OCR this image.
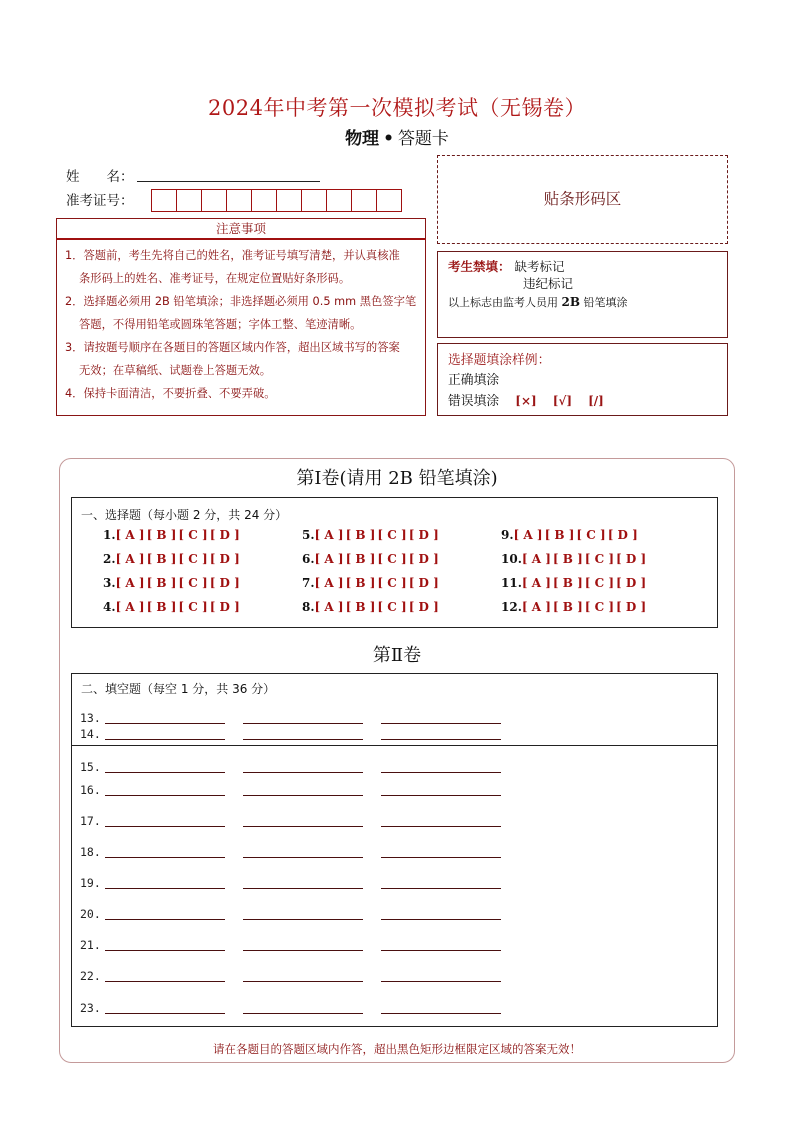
2024年中考第一次模拟考试（无锡卷）
物理 • 答题卡
姓　　名：
准考证号：
注意事项
1．答题前，考生先将自己的姓名，准考证号填写清楚，并认真核准
条形码上的姓名、准考证号，在规定位置贴好条形码。
2．选择题必须用 2B 铅笔填涂；非选择题必须用 0.5 mm 黑色签字笔
答题，不得用铅笔或圆珠笔答题；字体工整、笔迹清晰。
3．请按题号顺序在各题目的答题区域内作答，超出区域书写的答案
无效；在草稿纸、试题卷上答题无效。
4．保持卡面清洁，不要折叠、不要弄破。
贴条形码区
考生禁填： 缺考标记
违纪标记
以上标志由监考人员用 2B 铅笔填涂
选择题填涂样例：
正确填涂
错误填涂 [×] [√] [/]
第Ⅰ卷(请用 2B 铅笔填涂)
一、选择题（每小题 2 分，共 24 分）
1.[ A ] [ B ] [ C ] [ D ]
2.[ A ] [ B ] [ C ] [ D ]
3.[ A ] [ B ] [ C ] [ D ]
4.[ A ] [ B ] [ C ] [ D ]
5.[ A ] [ B ] [ C ] [ D ]
6.[ A ] [ B ] [ C ] [ D ]
7.[ A ] [ B ] [ C ] [ D ]
8.[ A ] [ B ] [ C ] [ D ]
9.[ A ] [ B ] [ C ] [ D ]
10.[ A ] [ B ] [ C ] [ D ]
11.[ A ] [ B ] [ C ] [ D ]
12.[ A ] [ B ] [ C ] [ D ]
第Ⅱ卷
二、填空题（每空 1 分，共 36 分）
13.
14.
15.
16.
17.
18.
19.
20.
21.
22.
23.
请在各题目的答题区域内作答，超出黑色矩形边框限定区域的答案无效！
